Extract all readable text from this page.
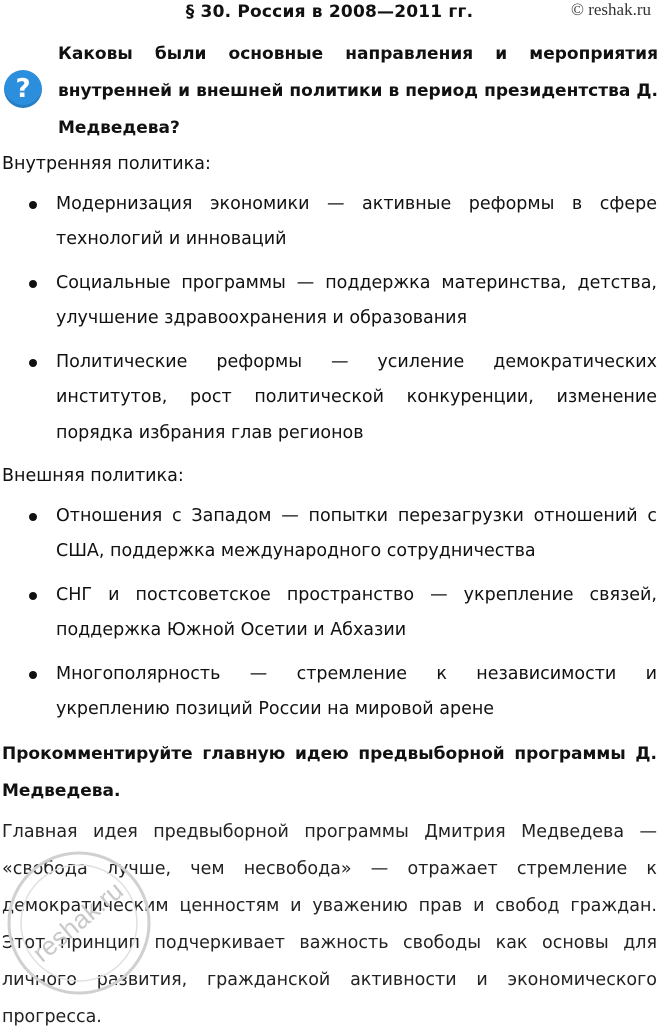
§ 30. Россия в 2008—2011 гг.	© reshak.ru
?
Каковы были основные направления и мероприятия внутренней и внешней политики в период президентства Д. Медведева?
Внутренняя политика:
Модернизация экономики — активные реформы в сфере технологий и инноваций
Социальные программы — поддержка материнства, детства, улучшение здравоохранения и образования
Политические реформы — усиление демократических институтов, рост политической конкуренции, изменение порядка избрания глав регионов
Внешняя политика:
Отношения с Западом — попытки перезагрузки отношений с США, поддержка международного сотрудничества
СНГ и постсоветское пространство — укрепление связей, поддержка Южной Осетии и Абхазии
Многополярность — стремление к независимости и укреплению позиций России на мировой арене
Прокомментируйте главную идею предвыборной программы Д. Медведева.
Главная идея предвыборной программы Дмитрия Медведева — «свобода лучше, чем несвобода» — отражает стремление к демократическим ценностям и уважению прав и свобод граждан. Этот принцип подчеркивает важность свободы как основы для личного развития, гражданской активности и экономического прогресса.
reshak.ru
